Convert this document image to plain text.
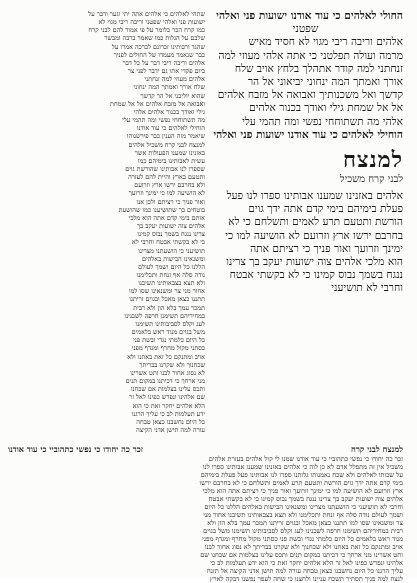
החולי לאלהים כי עוד אודנו ישועות פני ואלהי
שפטני
אלהים וריבה ריבי מגוי לא חסיד מאיש
מרמה ועולה תפלטני כי אתה אלהי מעוזי למה
זנחתני למה קודר אתהלך בלחץ אויב שלח
אורך ואמתך המה ינחוני יביאוני אל הר
קדשך ואל משכנותיך ואבואה אל מזבח אלהים
אל אל שמחת גילי ואודך בכנור אלהים
אלהי מה תשתוחחי נפשי ומה תהמי עלי
הוחילי לאלהים כי עוד אודנו ישועות פני ואלהי
למנצח
לבני קרח משכיל
אלהים באזנינו שמענו אבותינו ספרו לנו פעל
פעלת בימיהם בימי קדם אתה ידך גוים
הורשת ותטעם תרע לאמים ותשלחם כי לא
בחרבם ירשו ארץ וזרועם לא הושיעה למו כי
ימינך וזרועך ואור פניך כי רציתם אתה
הוא מלכי אלהים צוה ישועות יעקב בך צרינו
ננגח בשמך נבוס קמינו כי לא בקשתי אבטח
וחרבי לא תושיעני
שתהי לאלהים כי אלהים אתה יתי וגער ודבר על
ישועות פני ואלהי שפטני וריבה ריבי מגוי לא
כמו קרח הכר כלומר על פי אמור להם לבני קרח
שלבם על הגלות כמו שאמר ברבה ומבשר
שהגד ורבותינו זכרונם לברכה אמרו על
כבר שנאמר מעמדו של החולים לפניך
אלהים וריבה ריבי דבר על כל דבר
ביום פקדי אתו גם ידבר לפני צר
אלהים מעוזי למה זנחתני
שלח אורך ואמתך המה ינחוני
שהוא יוליכני אל הר קדשך
ואבואה אל מזבח אלהים אל אל שמחת
גילי ואודך בכנור אלהים אלהי
מה תשתוחחי נפשי ומה תהמי עלי
הוחילי לאלהים כי עוד אודנו
שיאמר מזה הענין כבר פירשנוהו
למנצח לבני קרח משכיל אלהים
באזנינו שמענו הפעולות אשר
עשית לאבותינו בימיהם כמו
שספרו לנו אבותינו שהורשת גוים
ותטעם בארץ והיית להם לעזרה
ולא בחרבם ירשו ארץ וזרועם
לא הושיעה למו כי ימינך וזרועך
ואור פניך כי רציתם ולכן אנו
בוטחים בך שתושיענו כמו שהושעת
אותם בימי קדם אתה הוא מלכי
אלהים צוה ישועות יעקב בך
צרינו ננגח בשמך נבוס קמינו
כי לא בקשתי אבטח וחרבי לא
תושיעני כי הושעתנו מצרינו
ומשנאינו הבישות באלהים
הללנו כל היום ושמך לעולם
נודה סלה אף זנחת ותכלימנו
ולא תצא בצבאותינו תשיבנו
אחור מני צר ומשנאינו שסו למו
תתננו כצאן מאכל ובגוים זריתנו
תמכר עמך בלא הון ולא רבית
במחיריהם תשימנו חרפה לשכנינו
לעג וקלס לסביבותינו תשימנו
משל בגוים מנוד ראש בלאמים
כל היום כלמתי נגדי ובשת פני
כסתני מקול מחרף ומגדף מפני
אויב ומתנקם כל זאת באתנו ולא
שכחנוך ולא שקרנו בבריתך
לא נסוג אחור לבנו ותט אשרינו
מני ארחך כי דכיתנו במקום תנים
ותכס עלינו בצלמות אם שכחנו
שם אלהינו ונפרש כפינו לאל זר
הלא אלהים יחקר זאת כי הוא
ידע תעלמות לב כי עליך הרגנו
כל היום נחשבנו כצאן טבחה
עורה למה תישן אדני הקיצה
למנצח לבני קרח
זכר כה יחודו כי נפשי כתהוביי כי עוד אודנו
זכר כה יחודו כי נפשי כתהוביי כי עוד אודנו שמנו לי קול אלהים בעזרת אלהים
משכיל אין זה מתפלל אדם לא כן לוה כי אלהים באזנינו שמענו אבותינו ספרו לנו
על שכותו לאלהים ולא שכח נאמנותו גלותנו ספרו לנו אבותינו פעל פעלת בימיהם
בימי קדם אתה ידך גוים הורשת ותטעם תרע לאמים ותשלחם כי לא בחרבם ירשו
ארץ וזרועם לא הושיעה למו כי ימינך וזרועך ואור פניך כי רציתם אתה הוא מלכי
אלהים צוה ישועות יעקב בך צרינו ננגח בשמך נבוס קמינו כי לא בקשתי אבטח
וחרבי לא תושיעני כי הושעתנו מצרינו ומשנאינו הבישות באלהים הללנו כל היום
ושמך לעולם נודה סלה אף זנחת ותכלימנו ולא תצא בצבאותינו תשיבנו אחור מני
צר ומשנאינו שסו למו תתננו כצאן מאכל ובגוים זריתנו תמכר עמך בלא הון ולא
רבית במחיריהם תשימנו חרפה לשכנינו לעג וקלס לסביבותינו תשימנו משל בגוים
מנוד ראש בלאמים כל היום כלמתי נגדי ובשת פני כסתני מקול מחרף ומגדף מפני
אויב ומתנקם כל זאת באתנו ולא שכחנוך ולא שקרנו בבריתך לא נסוג אחור לבנו
ותט אשרינו מני ארחך כי דכיתנו במקום תנים ותכס עלינו בצלמות אם שכחנו שם
אלהינו ונפרש כפינו לאל זר הלא אלהים יחקר זאת כי הוא ידע תעלמות לב כי
עליך הרגנו כל היום נחשבנו כצאן טבחה עורה למה תישן אדני הקיצה אל תזנח
לנצח למה פניך תסתיר תשכח עניינו ולחצנו כי שחה לעפר נפשנו דבקה לארץ
